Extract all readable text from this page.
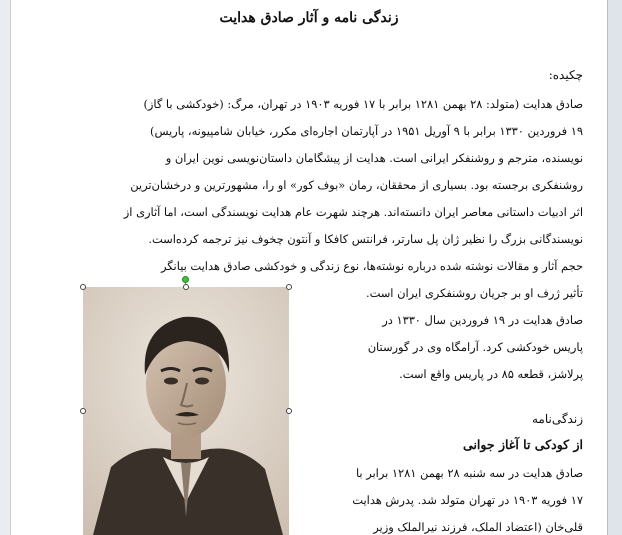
زندگی نامه و آثار صادق هدایت
چکیده:
صادق هدایت (متولد: ۲۸ بهمن ۱۲۸۱ برابر با ۱۷ فوریه ۱۹۰۳ در تهران، مرگ: (خودکشی با گاز)
۱۹ فروردین ۱۳۳۰ برابر با ۹ آوریل ۱۹۵۱ در آپارتمان اجاره‌ای مکرر، خیابان شامپیونه، پاریس)
نویسنده، مترجم و روشنفکر ایرانی است. هدایت از پیشگامان داستان‌نویسی نوین ایران و
روشنفکری برجسته بود. بسیاری از محققان، رمان «بوف کور» او را، مشهورترین و درخشان‌ترین
اثر ادبیات داستانی معاصر ایران دانسته‌اند. هرچند شهرت عام هدایت نویسندگی است، اما آثاری از
نویسندگانی بزرگ را نظیر ژان پل سارتر، فرانتس کافکا و آنتون چخوف نیز ترجمه کرده‌است.
حجم آثار و مقالات نوشته شده درباره نوشته‌ها، نوع زندگی و خودکشی صادق هدایت بیانگر
تأثیر ژرف او بر جریان روشنفکری ایران است.
صادق هدایت در ۱۹ فروردین سال ۱۳۳۰ در
پاریس خودکشی کرد. آرامگاه وی در گورستان
پرلاشز، قطعه ۸۵ در پاریس واقع است.
زندگی‌نامه
از کودکی تا آغاز جوانی
صادق هدایت در سه شنبه ۲۸ بهمن ۱۲۸۱ برابر با
۱۷ فوریه ۱۹۰۳ در تهران متولد شد. پدرش هدایت
قلی‌خان (اعتضاد الملک، فرزند نیرالملک وزیر
